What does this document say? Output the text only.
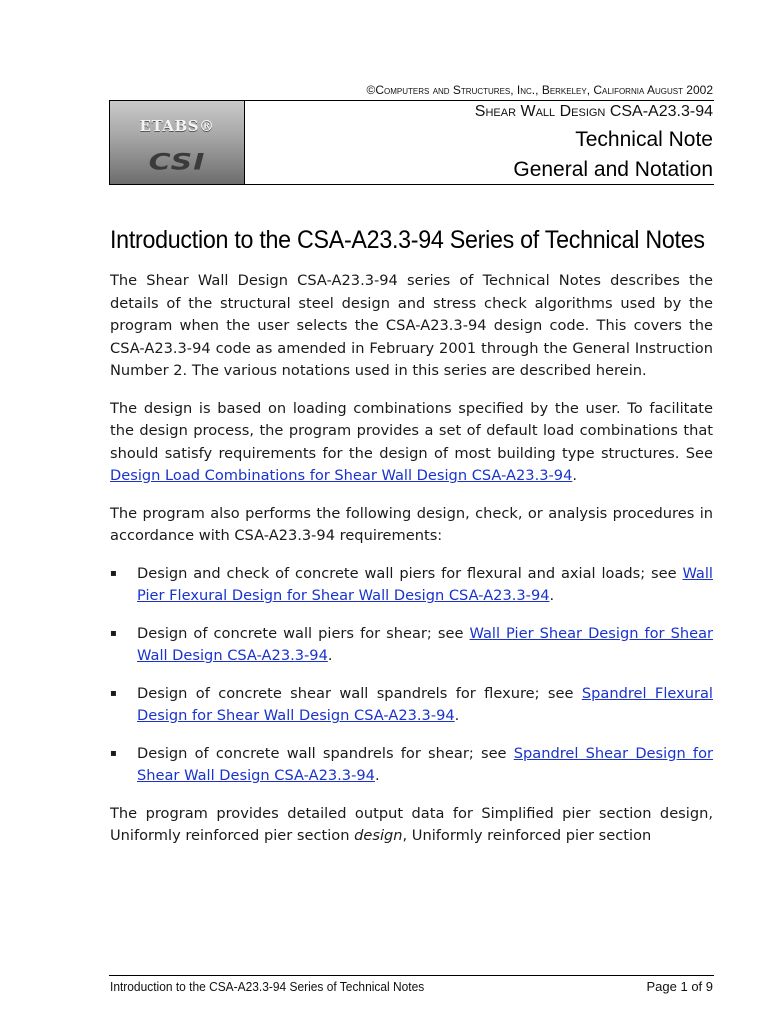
©Computers and Structures, Inc., Berkeley, California August 2002
ETABS®
CSI
Shear Wall Design CSA-A23.3-94
Technical Note
General and Notation
Introduction to the CSA-A23.3-94 Series of Technical Notes

The Shear Wall Design CSA-A23.3-94 series of Technical Notes describes the details of the structural steel design and stress check algorithms used by the program when the user selects the CSA-A23.3-94 design code. This covers the CSA-A23.3-94 code as amended in February 2001 through the General Instruction Number 2. The various notations used in this series are described herein.

The design is based on loading combinations specified by the user. To facilitate the design process, the program provides a set of default load combinations that should satisfy requirements for the design of most building type structures. See Design Load Combinations for Shear Wall Design CSA-A23.3-94.

The program also performs the following design, check, or analysis procedures in accordance with CSA-A23.3-94 requirements:

▪ Design and check of concrete wall piers for flexural and axial loads; see Wall Pier Flexural Design for Shear Wall Design CSA-A23.3-94.
▪ Design of concrete wall piers for shear; see Wall Pier Shear Design for Shear Wall Design CSA-A23.3-94.
▪ Design of concrete shear wall spandrels for flexure; see Spandrel Flexural Design for Shear Wall Design CSA-A23.3-94.
▪ Design of concrete wall spandrels for shear; see Spandrel Shear Design for Shear Wall Design CSA-A23.3-94.

The program provides detailed output data for Simplified pier section design, Uniformly reinforced pier section design, Uniformly reinforced pier section

Introduction to the CSA-A23.3-94 Series of Technical Notes	Page 1 of 9
